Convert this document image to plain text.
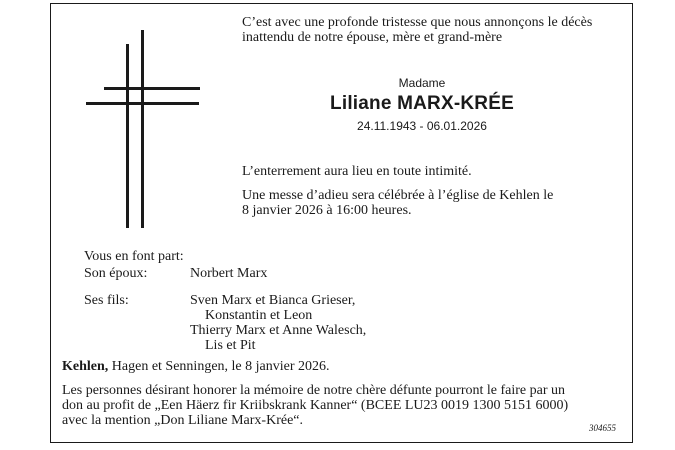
C’est avec une profonde tristesse que nous annonçons le décès
inattendu de notre épouse, mère et grand-mère
Madame
Liliane MARX-KRÉE
24.11.1943 - 06.01.2026
L’enterrement aura lieu en toute intimité.
Une messe d’adieu sera célébrée à l’église de Kehlen le
8 janvier 2026 à 16:00 heures.
Vous en font part:
Son époux:	Norbert Marx
Ses fils:	Sven Marx et Bianca Grieser,
Konstantin et Leon
Thierry Marx et Anne Walesch,
Lis et Pit
Kehlen, Hagen et Senningen, le 8 janvier 2026.
Les personnes désirant honorer la mémoire de notre chère défunte pourront le faire par un
don au profit de „Een Häerz fir Kriibskrank Kanner“ (BCEE LU23 0019 1300 5151 6000)
avec la mention „Don Liliane Marx-Krée“.	304655
